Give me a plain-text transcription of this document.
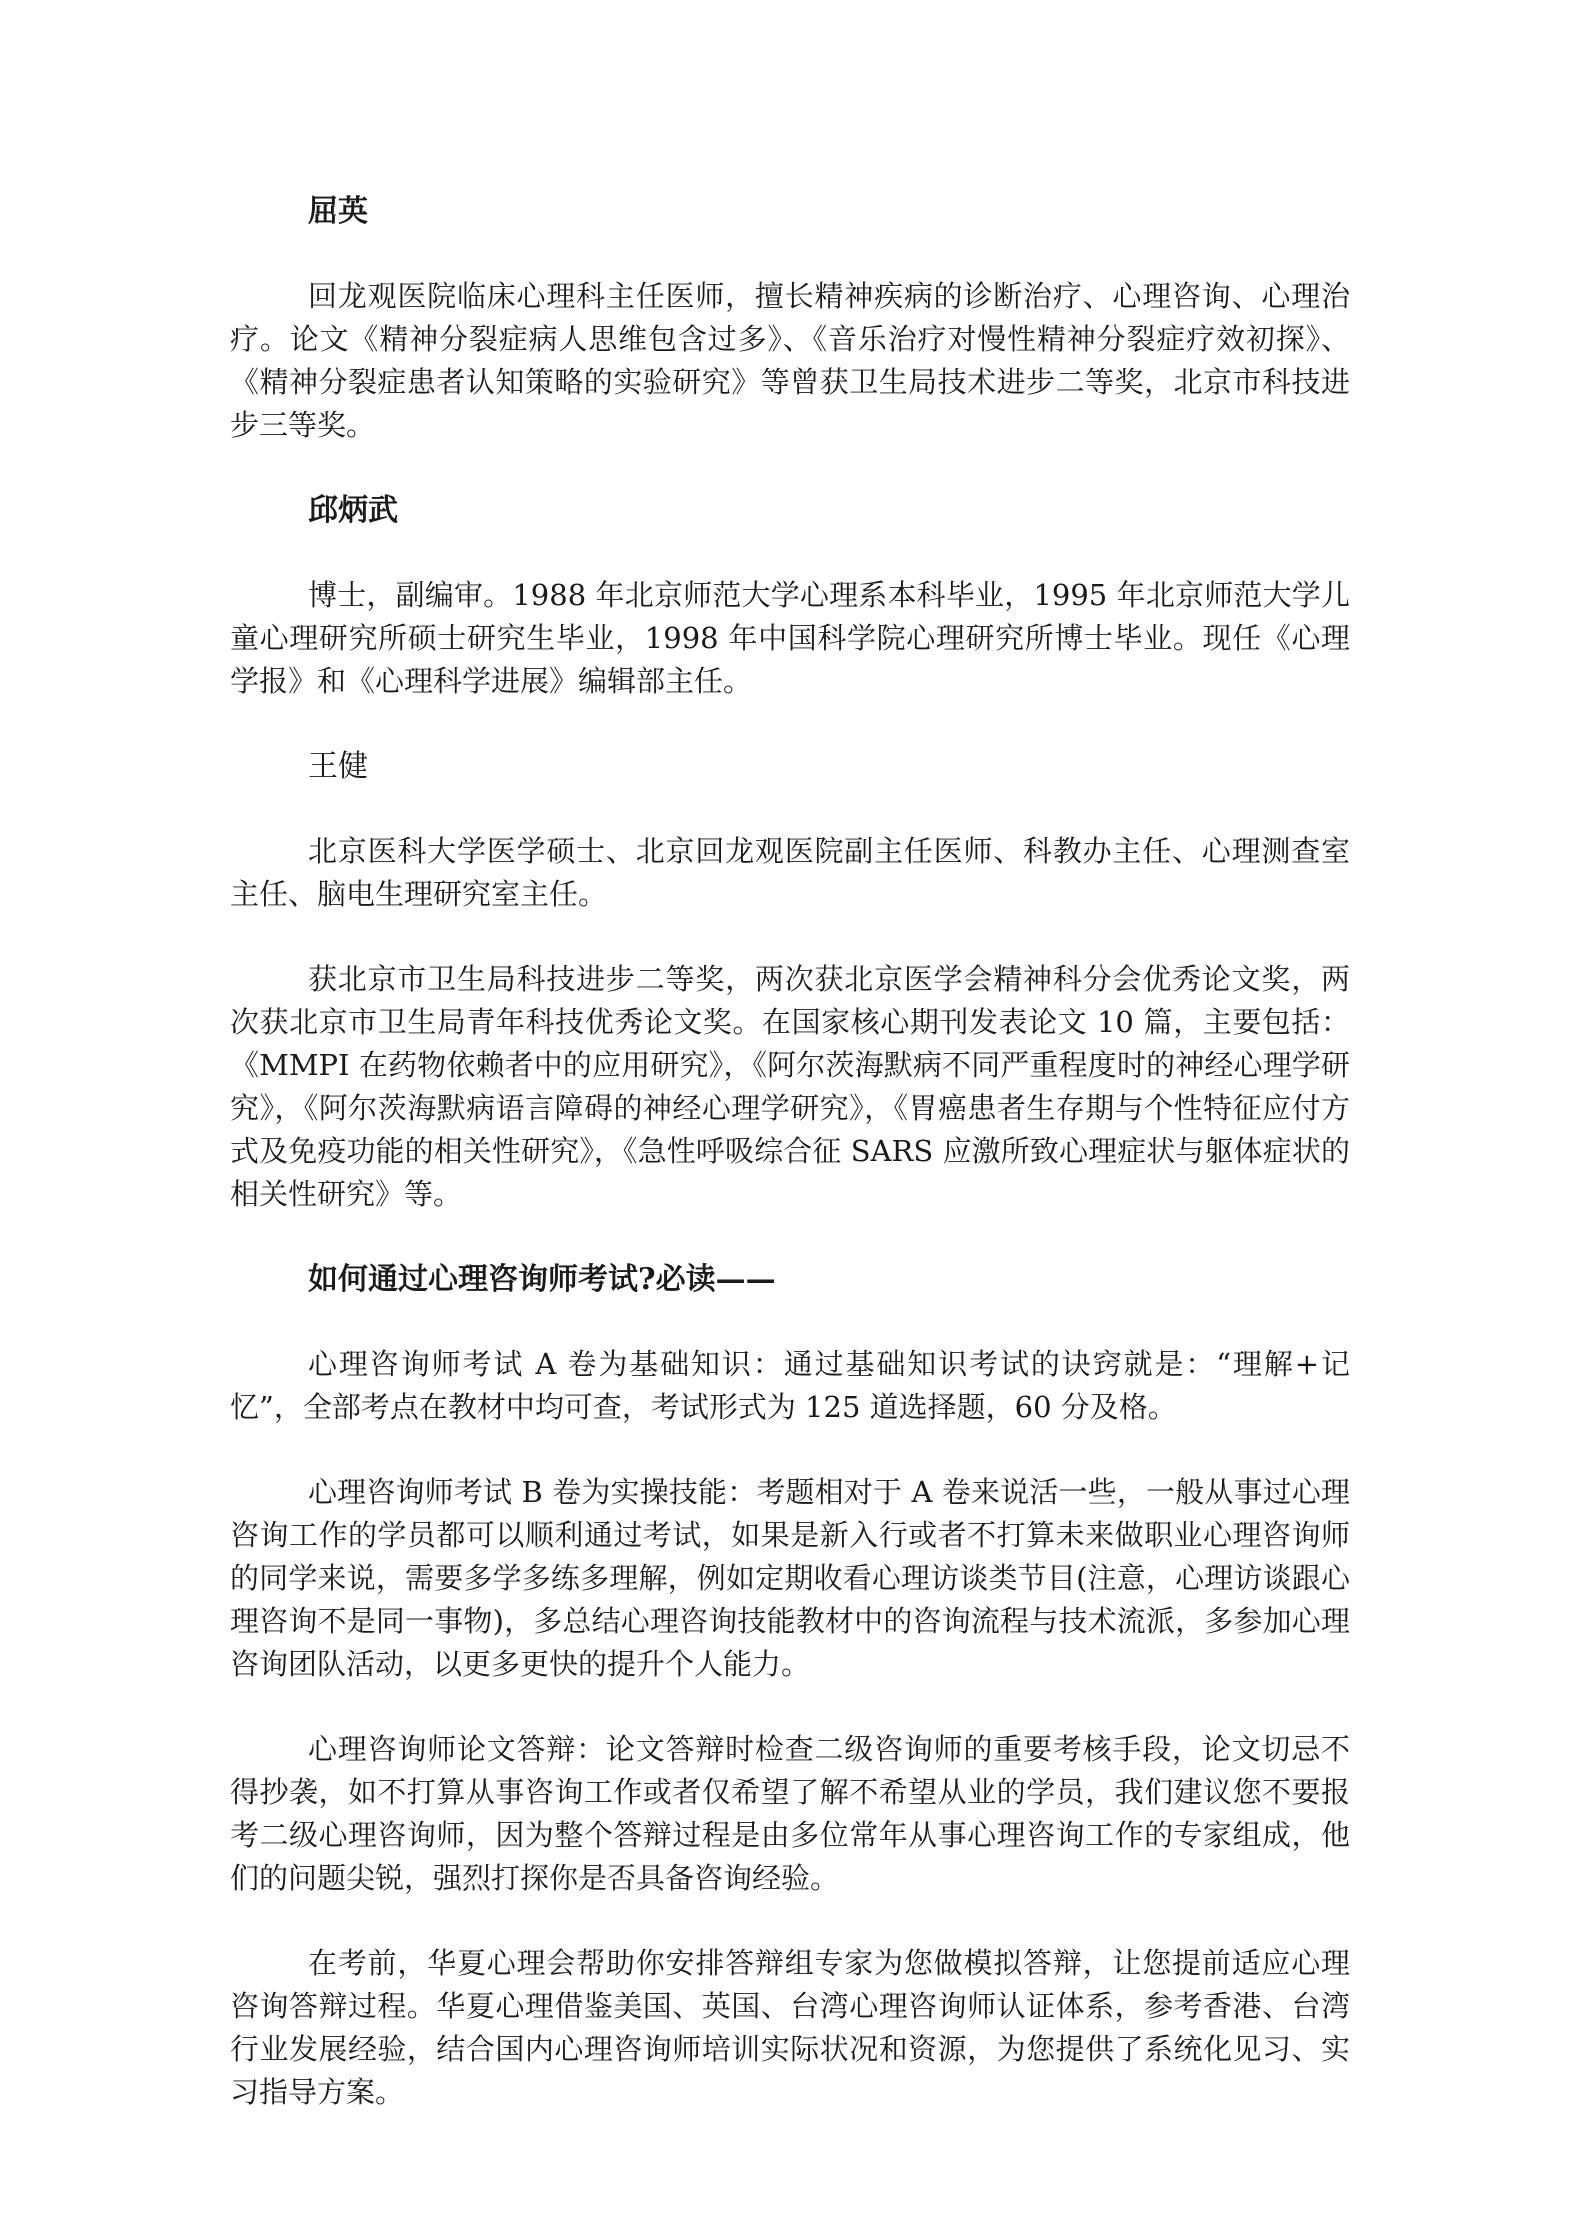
屈英

回龙观医院临床心理科主任医师，擅长精神疾病的诊断治疗、心理咨询、心理治疗。论文《精神分裂症病人思维包含过多》、《音乐治疗对慢性精神分裂症疗效初探》、《精神分裂症患者认知策略的实验研究》等曾获卫生局技术进步二等奖，北京市科技进步三等奖。

邱炳武

博士，副编审。1988 年北京师范大学心理系本科毕业，1995 年北京师范大学儿童心理研究所硕士研究生毕业，1998 年中国科学院心理研究所博士毕业。现任《心理学报》和《心理科学进展》编辑部主任。

王健

北京医科大学医学硕士、北京回龙观医院副主任医师、科教办主任、心理测查室主任、脑电生理研究室主任。

获北京市卫生局科技进步二等奖，两次获北京医学会精神科分会优秀论文奖，两次获北京市卫生局青年科技优秀论文奖。在国家核心期刊发表论文 10 篇，主要包括：《MMPI 在药物依赖者中的应用研究》，《阿尔茨海默病不同严重程度时的神经心理学研究》，《阿尔茨海默病语言障碍的神经心理学研究》，《胃癌患者生存期与个性特征应付方式及免疫功能的相关性研究》，《急性呼吸综合征 SARS 应激所致心理症状与躯体症状的相关性研究》等。

如何通过心理咨询师考试?必读——

心理咨询师考试 A 卷为基础知识：通过基础知识考试的诀窍就是：“理解+记忆”，全部考点在教材中均可查，考试形式为 125 道选择题，60 分及格。

心理咨询师考试 B 卷为实操技能：考题相对于 A 卷来说活一些，一般从事过心理咨询工作的学员都可以顺利通过考试，如果是新入行或者不打算未来做职业心理咨询师的同学来说，需要多学多练多理解，例如定期收看心理访谈类节目(注意，心理访谈跟心理咨询不是同一事物)，多总结心理咨询技能教材中的咨询流程与技术流派，多参加心理咨询团队活动，以更多更快的提升个人能力。

心理咨询师论文答辩：论文答辩时检查二级咨询师的重要考核手段，论文切忌不得抄袭，如不打算从事咨询工作或者仅希望了解不希望从业的学员，我们建议您不要报考二级心理咨询师，因为整个答辩过程是由多位常年从事心理咨询工作的专家组成，他们的问题尖锐，强烈打探你是否具备咨询经验。

在考前，华夏心理会帮助你安排答辩组专家为您做模拟答辩，让您提前适应心理咨询答辩过程。华夏心理借鉴美国、英国、台湾心理咨询师认证体系，参考香港、台湾行业发展经验，结合国内心理咨询师培训实际状况和资源，为您提供了系统化见习、实习指导方案。
